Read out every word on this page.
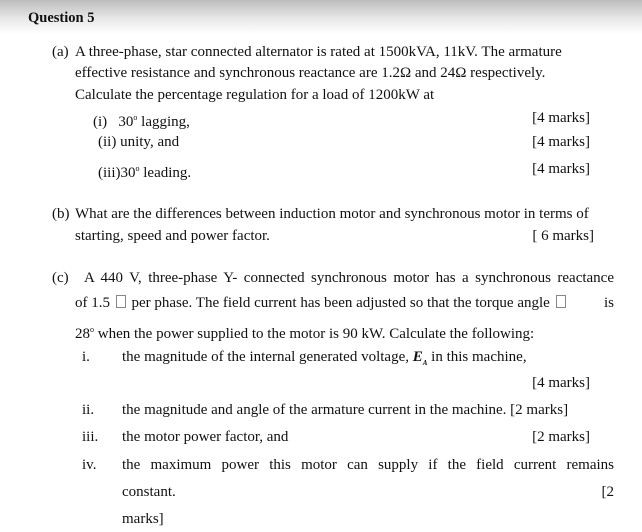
Question 5
(a) A three-phase, star connected alternator is rated at 1500kVA, 11kV. The armature
effective resistance and synchronous reactance are 1.2Ω and 24Ω respectively.
Calculate the percentage regulation for a load of 1200kW at
(i) 30$^o$ lagging,	[4 marks]
(ii) unity, and	[4 marks]
(iii)30$^o$ leading.	[4 marks]
(b) What are the differences between induction motor and synchronous motor in terms of
starting, speed and power factor.	[ 6 marks]
(c) A 440 V, three-phase Y- connected synchronous motor has a synchronous reactance
of 1.5 per phase. The field current has been adjusted so that the torque angle	is
28$^o$ when the power supplied to the motor is 90 kW. Calculate the following:
i. the magnitude of the internal generated voltage, $E_A$ in this machine,
[4 marks]
ii. the magnitude and angle of the armature current in the machine. [2 marks]
iii. the motor power factor, and	[2 marks]
iv. the maximum power this motor can supply if the field current remains
constant.	[2
marks]
